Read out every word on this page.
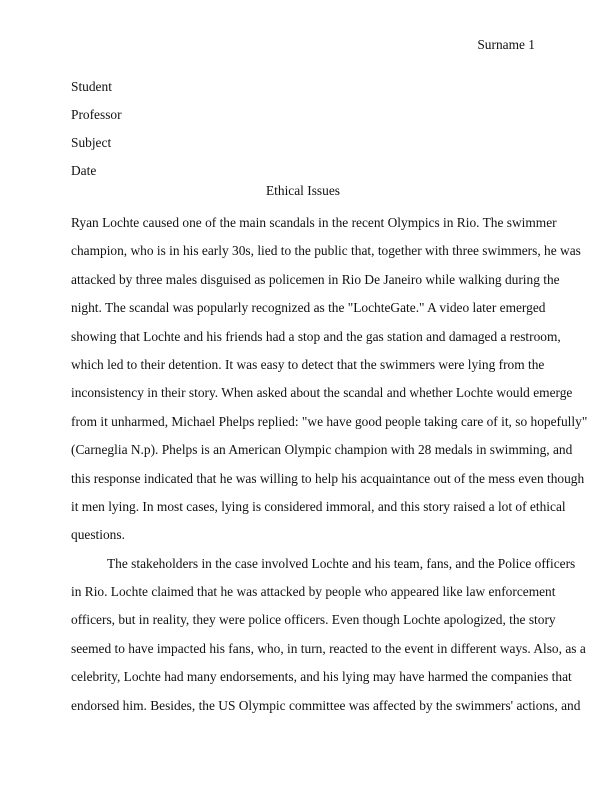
Surname 1
Student
Professor
Subject
Date
Ethical Issues
Ryan Lochte caused one of the main scandals in the recent Olympics in Rio. The swimmer
champion, who is in his early 30s, lied to the public that, together with three swimmers, he was
attacked by three males disguised as policemen in Rio De Janeiro while walking during the
night. The scandal was popularly recognized as the "LochteGate." A video later emerged
showing that Lochte and his friends had a stop and the gas station and damaged a restroom,
which led to their detention. It was easy to detect that the swimmers were lying from the
inconsistency in their story. When asked about the scandal and whether Lochte would emerge
from it unharmed, Michael Phelps replied: "we have good people taking care of it, so hopefully"
(Carneglia N.p). Phelps is an American Olympic champion with 28 medals in swimming, and
this response indicated that he was willing to help his acquaintance out of the mess even though
it men lying. In most cases, lying is considered immoral, and this story raised a lot of ethical
questions.
The stakeholders in the case involved Lochte and his team, fans, and the Police officers
in Rio. Lochte claimed that he was attacked by people who appeared like law enforcement
officers, but in reality, they were police officers. Even though Lochte apologized, the story
seemed to have impacted his fans, who, in turn, reacted to the event in different ways. Also, as a
celebrity, Lochte had many endorsements, and his lying may have harmed the companies that
endorsed him. Besides, the US Olympic committee was affected by the swimmers' actions, and
